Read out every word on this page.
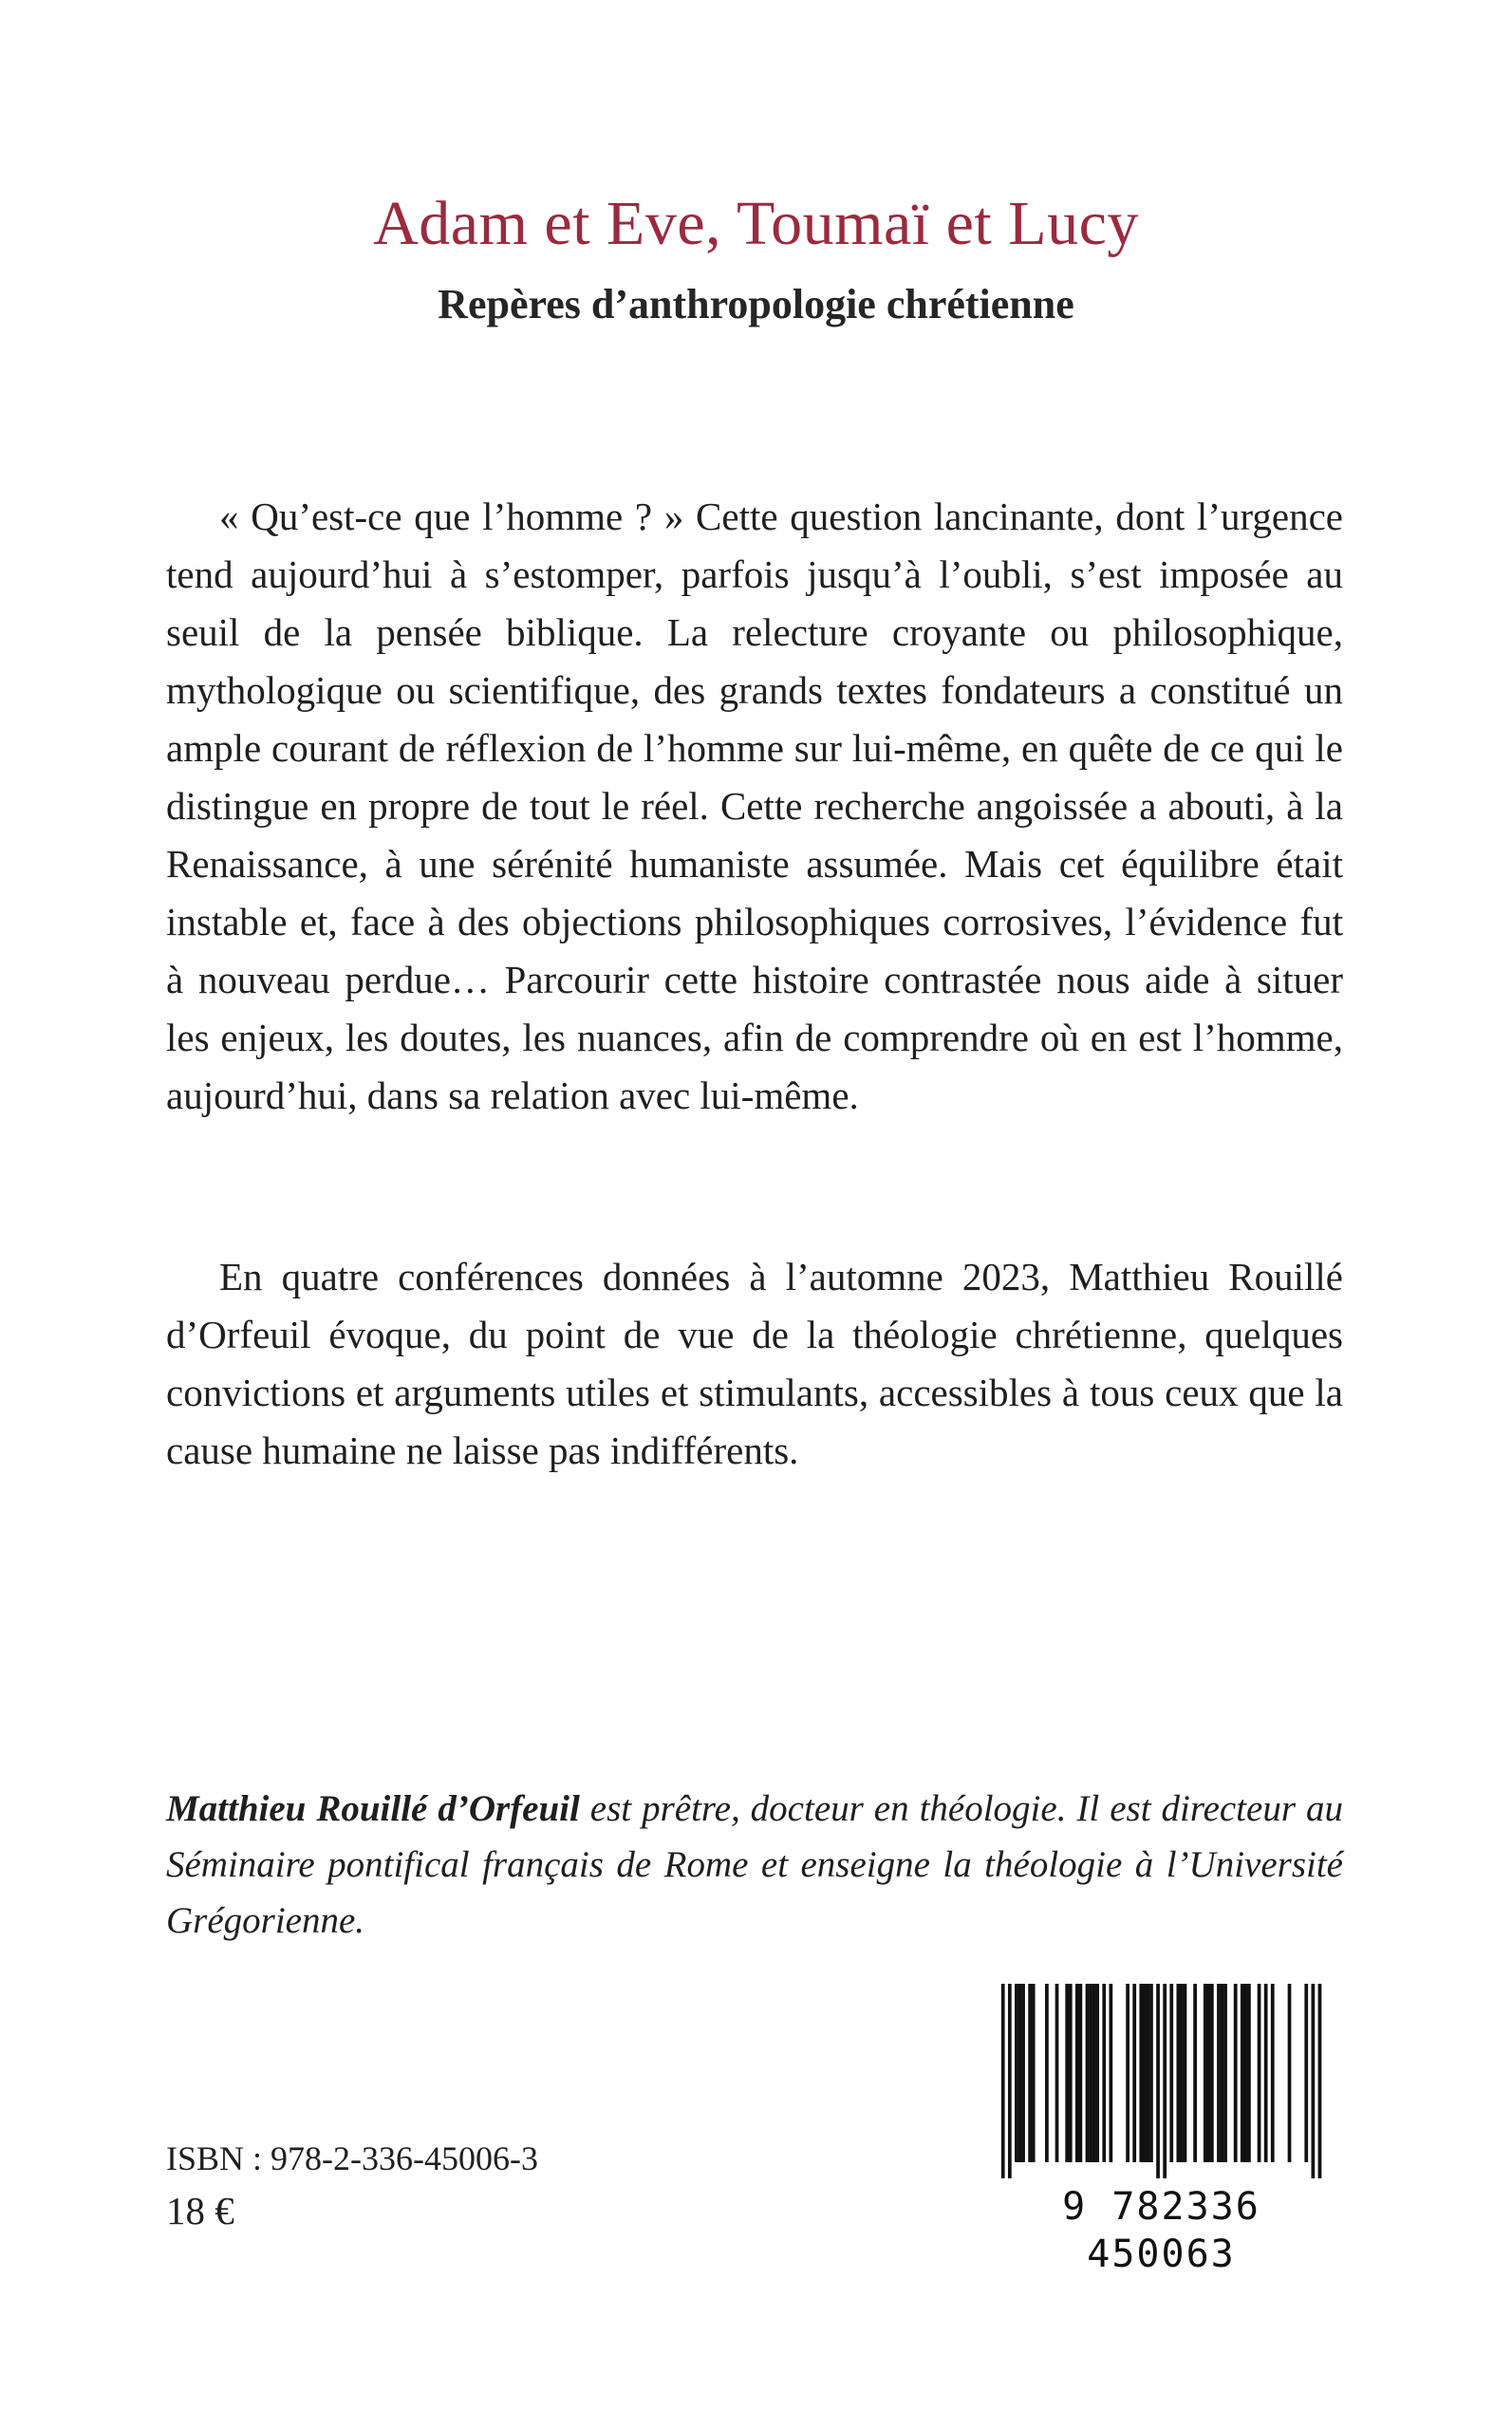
Adam et Eve, Toumaï et Lucy
Repères d’anthropologie chrétienne

« Qu’est-ce que l’homme ? » Cette question lancinante, dont l’urgence tend aujourd’hui à s’estomper, parfois jusqu’à l’oubli, s’est imposée au seuil de la pensée biblique. La relecture croyante ou philosophique, mythologique ou scientifique, des grands textes fondateurs a constitué un ample courant de réflexion de l’homme sur lui-même, en quête de ce qui le distingue en propre de tout le réel. Cette recherche angoissée a abouti, à la Renaissance, à une sérénité humaniste assumée. Mais cet équilibre était instable et, face à des objections philosophiques corrosives, l’évidence fut à nouveau perdue… Parcourir cette histoire contrastée nous aide à situer les enjeux, les doutes, les nuances, afin de comprendre où en est l’homme, aujourd’hui, dans sa relation avec lui-même.

En quatre conférences données à l’automne 2023, Matthieu Rouillé d’Orfeuil évoque, du point de vue de la théologie chrétienne, quelques convictions et arguments utiles et stimulants, accessibles à tous ceux que la cause humaine ne laisse pas indifférents.

Matthieu Rouillé d’Orfeuil est prêtre, docteur en théologie. Il est directeur au Séminaire pontifical français de Rome et enseigne la théologie à l’Université Grégorienne.

ISBN : 978-2-336-45006-3
18 €	9 782336 450063
